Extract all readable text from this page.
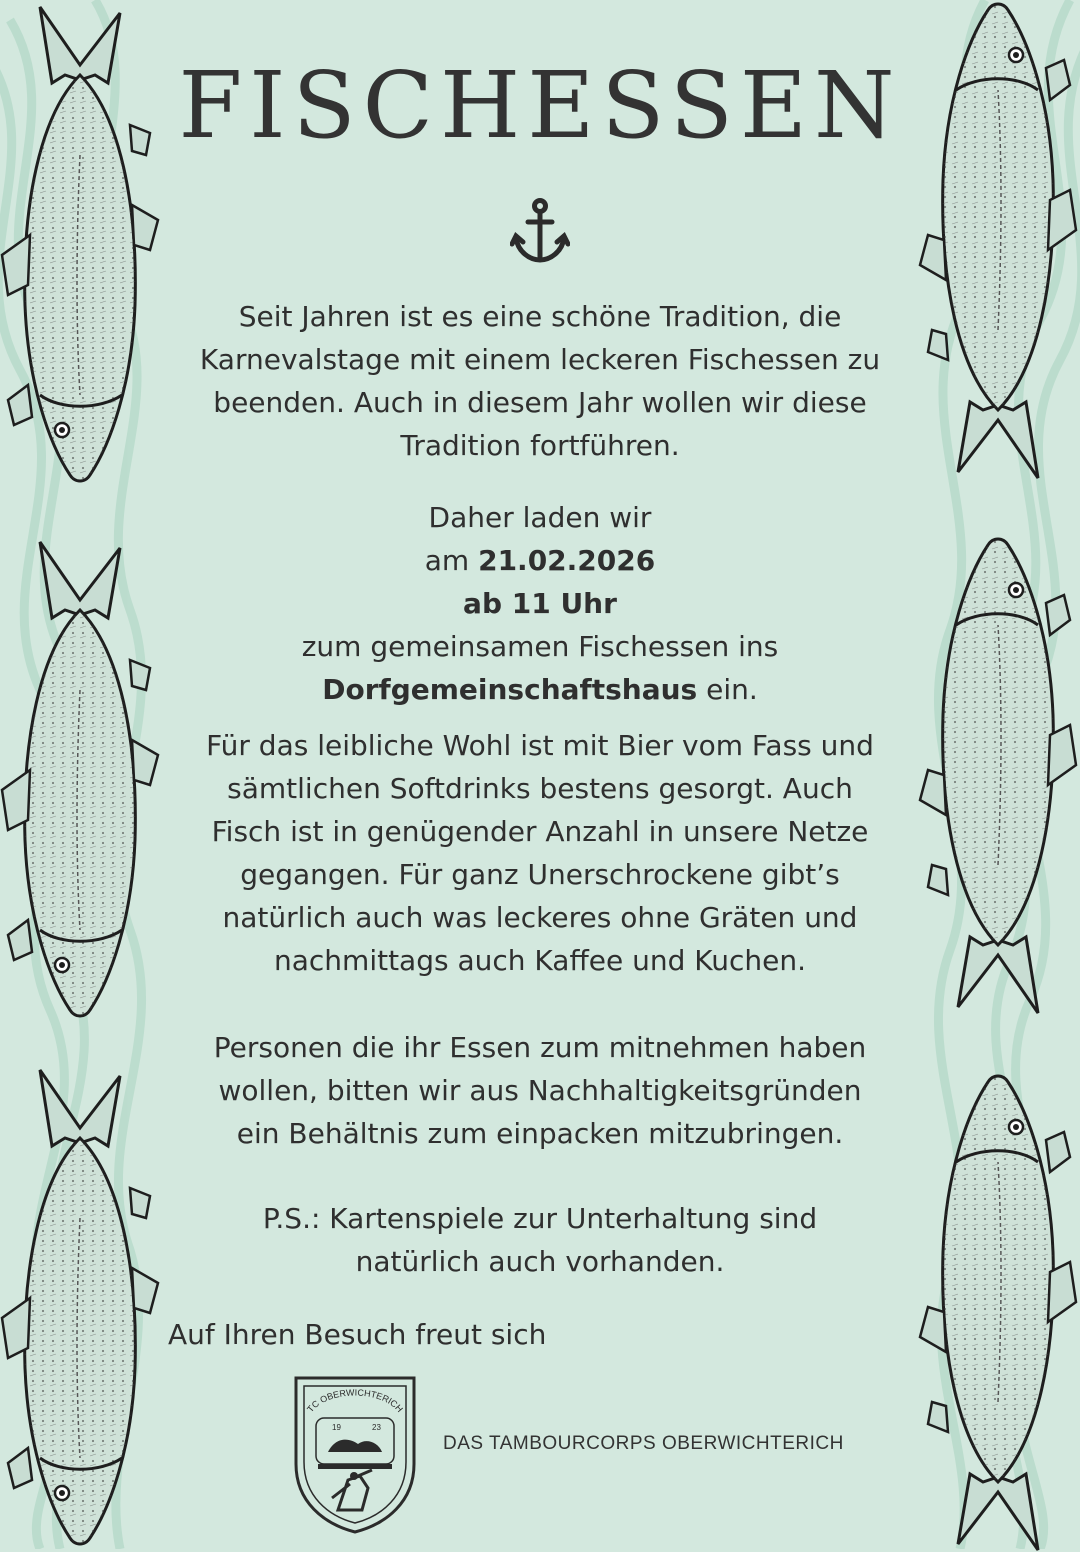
FISCHESSEN
Seit Jahren ist es eine schöne Tradition, die
Karnevalstage mit einem leckeren Fischessen zu
beenden. Auch in diesem Jahr wollen wir diese
Tradition fortführen.
Daher laden wir
am 21.02.2026
ab 11 Uhr
zum gemeinsamen Fischessen ins
Dorfgemeinschaftshaus ein.
Für das leibliche Wohl ist mit Bier vom Fass und
sämtlichen Softdrinks bestens gesorgt. Auch
Fisch ist in genügender Anzahl in unsere Netze
gegangen. Für ganz Unerschrockene gibt’s
natürlich auch was leckeres ohne Gräten und
nachmittags auch Kaffee und Kuchen.
Personen die ihr Essen zum mitnehmen haben
wollen, bitten wir aus Nachhaltigkeitsgründen
ein Behältnis zum einpacken mitzubringen.
P.S.: Kartenspiele zur Unterhaltung sind
natürlich auch vorhanden.

Auf Ihren Besuch freut sich

TC OBERWICHTERICH
19	23
DAS TAMBOURCORPS OBERWICHTERICH
